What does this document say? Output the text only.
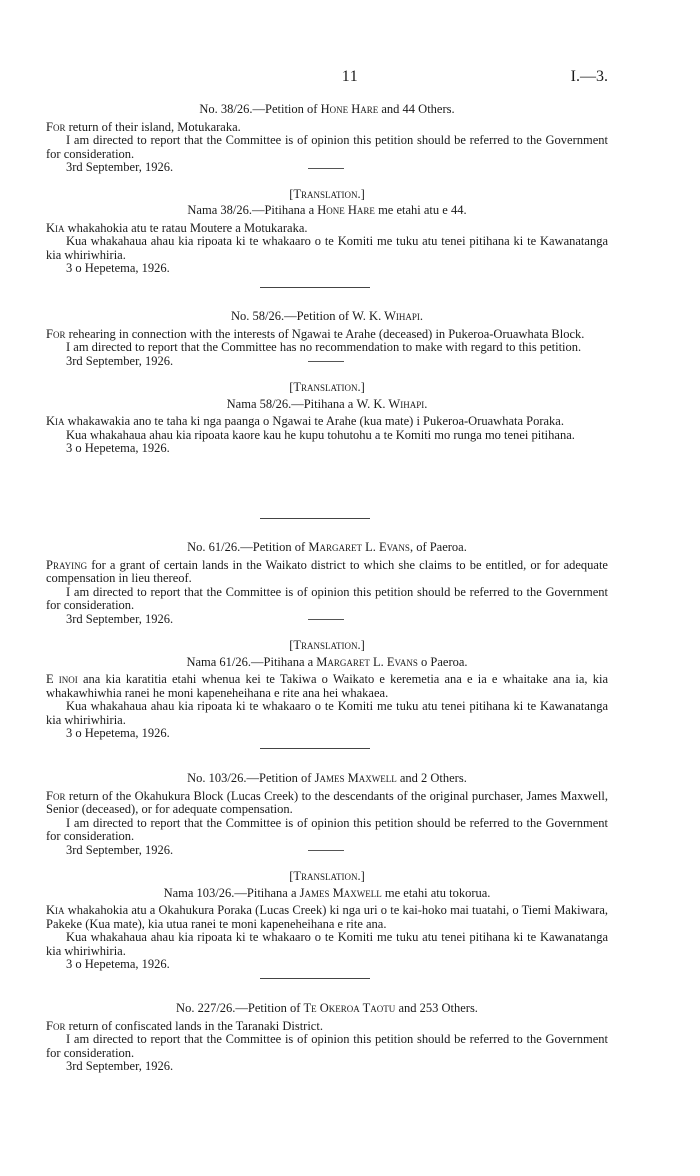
11	I.—3.
No. 38/26.—Petition of Hone Hare and 44 Others.

For return of their island, Motukaraka.

I am directed to report that the Committee is of opinion this petition should be referred to the Government for consideration.

3rd September, 1926.

[Translation.]
Nama 38/26.—Pitihana a Hone Hare me etahi atu e 44.

Kia whakahokia atu te ratau Moutere a Motukaraka.

Kua whakahaua ahau kia ripoata ki te whakaaro o te Komiti me tuku atu tenei pitihana ki te Kawanatanga kia whiriwhiria.

3 o Hepetema, 1926.

No. 58/26.—Petition of W. K. Wihapi.

For rehearing in connection with the interests of Ngawai te Arahe (deceased) in Pukeroa-Oruawhata Block.

I am directed to report that the Committee has no recommendation to make with regard to this petition.

3rd September, 1926.

[Translation.]
Nama 58/26.—Pitihana a W. K. Wihapi.

Kia whakawakia ano te taha ki nga paanga o Ngawai te Arahe (kua mate) i Pukeroa-Oruawhata Poraka.

Kua whakahaua ahau kia ripoata kaore kau he kupu tohutohu a te Komiti mo runga mo tenei pitihana.

3 o Hepetema, 1926.

No. 61/26.—Petition of Margaret L. Evans, of Paeroa.

Praying for a grant of certain lands in the Waikato district to which she claims to be entitled, or for adequate compensation in lieu thereof.

I am directed to report that the Committee is of opinion this petition should be referred to the Government for consideration.

3rd September, 1926.

[Translation.]
Nama 61/26.—Pitihana a Margaret L. Evans o Paeroa.

E inoi ana kia karatitia etahi whenua kei te Takiwa o Waikato e keremetia ana e ia e whaitake ana ia, kia whakawhiwhia ranei he moni kapeneheihana e rite ana hei whakaea.

Kua whakahaua ahau kia ripoata ki te whakaaro o te Komiti me tuku atu tenei pitihana ki te Kawanatanga kia whiriwhiria.

3 o Hepetema, 1926.

No. 103/26.—Petition of James Maxwell and 2 Others.

For return of the Okahukura Block (Lucas Creek) to the descendants of the original purchaser, James Maxwell, Senior (deceased), or for adequate compensation.

I am directed to report that the Committee is of opinion this petition should be referred to the Government for consideration.

3rd September, 1926.

[Translation.]
Nama 103/26.—Pitihana a James Maxwell me etahi atu tokorua.

Kia whakahokia atu a Okahukura Poraka (Lucas Creek) ki nga uri o te kai-hoko mai tuatahi, o Tiemi Makiwara, Pakeke (Kua mate), kia utua ranei te moni kapeneheihana e rite ana.

Kua whakahaua ahau kia ripoata ki te whakaaro o te Komiti me tuku atu tenei pitihana ki te Kawanatanga kia whiriwhiria.

3 o Hepetema, 1926.

No. 227/26.—Petition of Te Okeroa Taotu and 253 Others.

For return of confiscated lands in the Taranaki District.

I am directed to report that the Committee is of opinion this petition should be referred to the Government for consideration.

3rd September, 1926.
